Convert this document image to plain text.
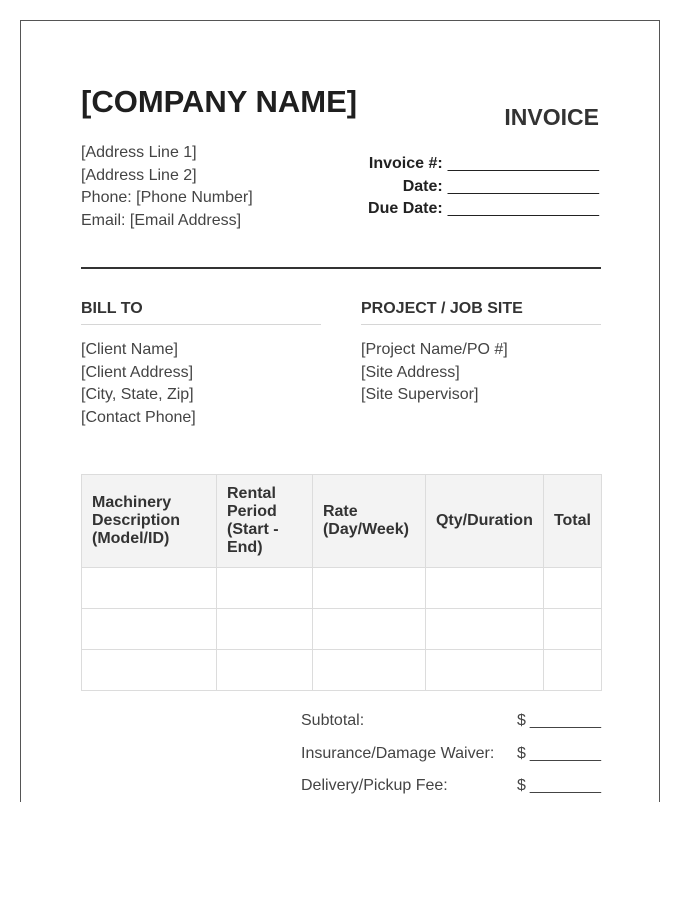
[COMPANY NAME]	INVOICE
[Address Line 1]
[Address Line 2]
Phone: [Phone Number]
Email: [Email Address]
Invoice #: _________________
Date: _________________
Due Date: _________________
BILL TO
[Client Name]
[Client Address]
[City, State, Zip]
[Contact Phone]
PROJECT / JOB SITE
[Project Name/PO #]
[Site Address]
[Site Supervisor]
Machinery Description (Model/ID)	Rental Period (Start - End)	Rate (Day/Week)	Qty/Duration	Total

Subtotal:	$ ________
Insurance/Damage Waiver: $ ________
Delivery/Pickup Fee:	$ ________
